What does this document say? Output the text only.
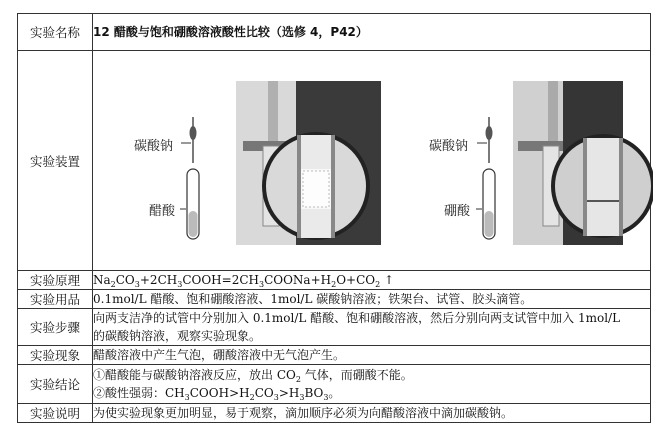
实验名称	12 醋酸与饱和硼酸溶液酸性比较（选修 4，P42）
实验装置	碳酸钠
醋酸
碳酸钠
硼酸

实验原理	$Na_2CO_3+2CH_3COOH=2CH_3COONa+H_2O+CO_2$ ↑
实验用品	0.1mol/L 醋酸、饱和硼酸溶液、1mol/L 碳酸钠溶液；铁架台、试管、胶头滴管。
实验步骤	向两支洁净的试管中分别加入 0.1mol/L 醋酸、饱和硼酸溶液，然后分别向两支试管中加入 1mol/L
的碳酸钠溶液，观察实验现象。

实验现象	醋酸溶液中产生气泡，硼酸溶液中无气泡产生。
实验结论	①醋酸能与碳酸钠溶液反应，放出 $CO_2$ 气体，而硼酸不能。
②酸性强弱：$CH_3COOH>H_2CO_3>H_3BO_3$。

实验说明	为使实验现象更加明显，易于观察，滴加顺序必须为向醋酸溶液中滴加碳酸钠。
